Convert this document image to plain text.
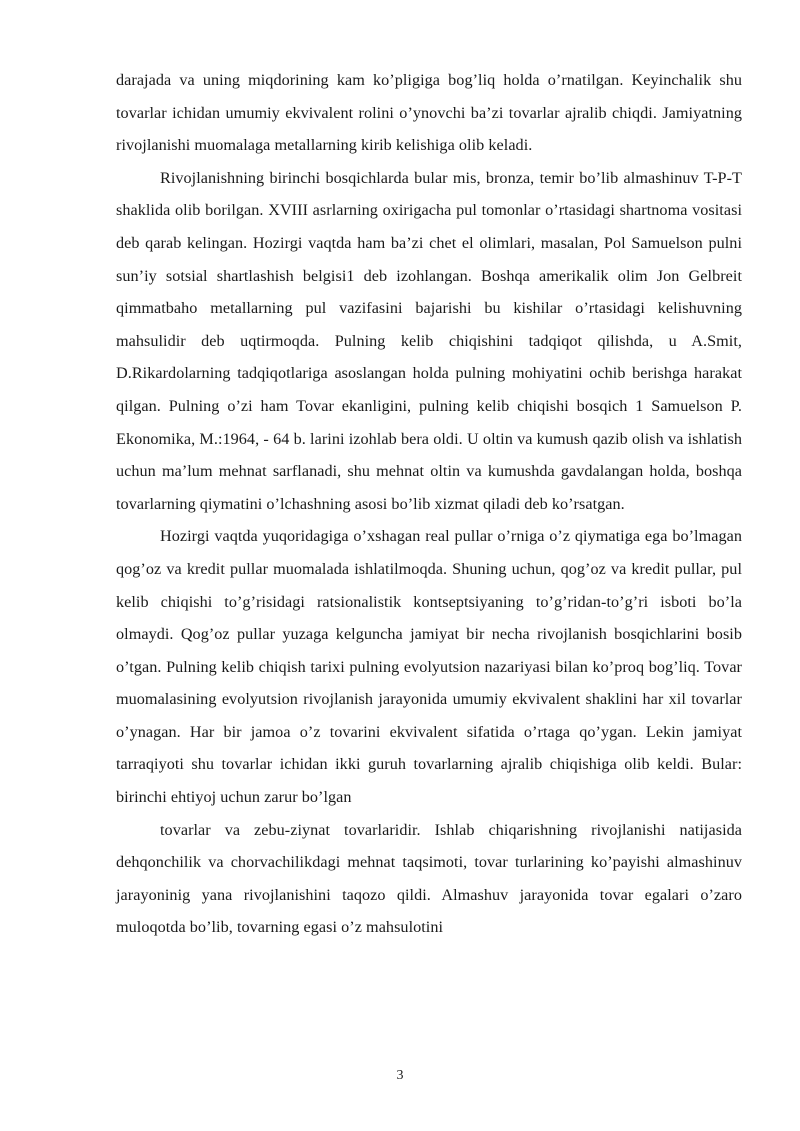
darajada va uning miqdorining kam ko’pligiga bog’liq holda o’rnatilgan. Keyinchalik shu tovarlar ichidan umumiy ekvivalent rolini o’ynovchi ba’zi tovarlar ajralib chiqdi. Jamiyatning rivojlanishi muomalaga metallarning kirib kelishiga olib keladi.

Rivojlanishning birinchi bosqichlarda bular mis, bronza, temir bo’lib almashinuv T-P-T shaklida olib borilgan. XVIII asrlarning oxirigacha pul tomonlar o’rtasidagi shartnoma vositasi deb qarab kelingan. Hozirgi vaqtda ham ba’zi chet el olimlari, masalan, Pol Samuelson pulni sun’iy sotsial shartlashish belgisi1 deb izohlangan. Boshqa amerikalik olim Jon Gelbreit qimmatbaho metallarning pul vazifasini bajarishi bu kishilar o’rtasidagi kelishuvning mahsulidir deb uqtirmoqda. Pulning kelib chiqishini tadqiqot qilishda, u A.Smit, D.Rikardolarning tadqiqotlariga asoslangan holda pulning mohiyatini ochib berishga harakat qilgan. Pulning o’zi ham Tovar ekanligini, pulning kelib chiqishi bosqich 1 Samuelson P. Ekonomika, M.:1964, - 64 b. larini izohlab bera oldi. U oltin va kumush qazib olish va ishlatish uchun ma’lum mehnat sarflanadi, shu mehnat oltin va kumushda gavdalangan holda, boshqa tovarlarning qiymatini o’lchashning asosi bo’lib xizmat qiladi deb ko’rsatgan.

Hozirgi vaqtda yuqoridagiga o’xshagan real pullar o’rniga o’z qiymatiga ega bo’lmagan qog’oz va kredit pullar muomalada ishlatilmoqda. Shuning uchun, qog’oz va kredit pullar, pul kelib chiqishi to’g’risidagi ratsionalistik kontseptsiyaning to’g’ridan-to’g’ri isboti bo’la olmaydi. Qog’oz pullar yuzaga kelguncha jamiyat bir necha rivojlanish bosqichlarini bosib o’tgan. Pulning kelib chiqish tarixi pulning evolyutsion nazariyasi bilan ko’proq bog’liq. Tovar muomalasining evolyutsion rivojlanish jarayonida umumiy ekvivalent shaklini har xil tovarlar o’ynagan. Har bir jamoa o’z tovarini ekvivalent sifatida o’rtaga qo’ygan. Lekin jamiyat tarraqiyoti shu tovarlar ichidan ikki guruh tovarlarning ajralib chiqishiga olib keldi. Bular: birinchi ehtiyoj uchun zarur bo’lgan

tovarlar va zebu-ziynat tovarlaridir. Ishlab chiqarishning rivojlanishi natijasida dehqonchilik va chorvachilikdagi mehnat taqsimoti, tovar turlarining ko’payishi almashinuv jarayoninig yana rivojlanishini taqozo qildi. Almashuv jarayonida tovar egalari o’zaro muloqotda bo’lib, tovarning egasi o’z mahsulotini

3
